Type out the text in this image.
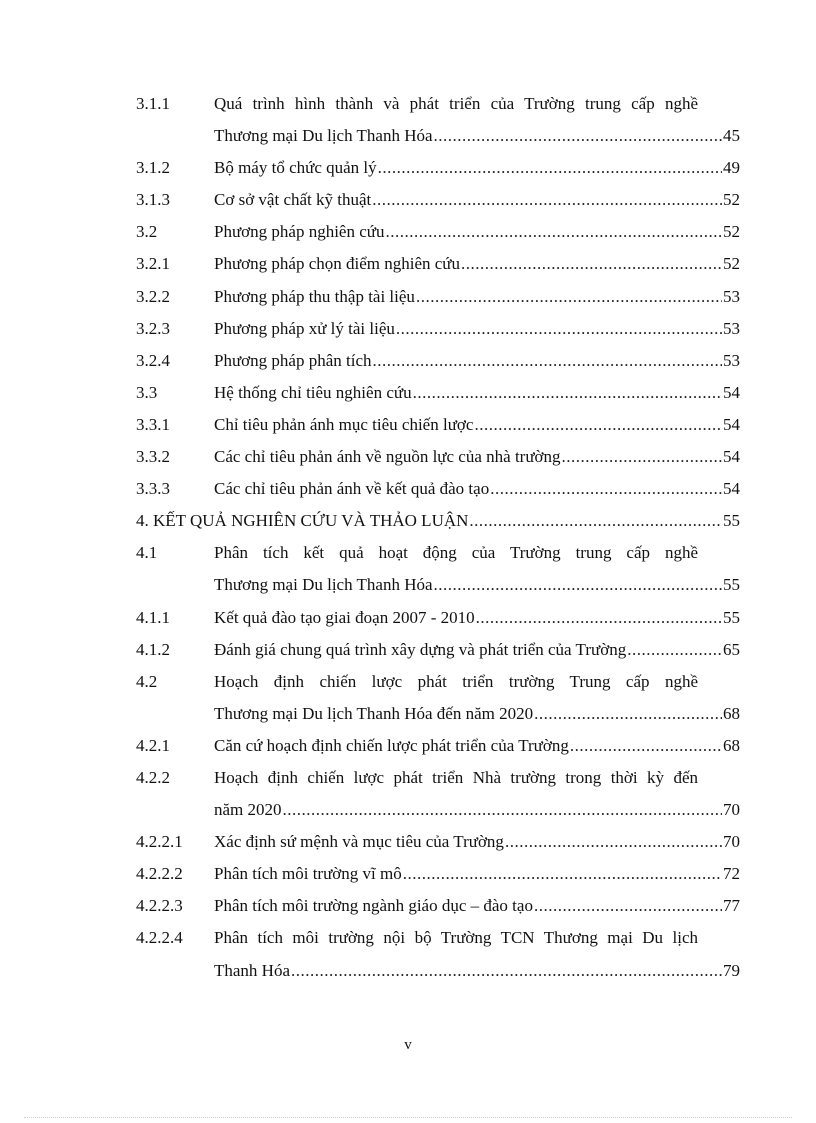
3.1.1	Quá trình hình thành và phát triển của Trường trung cấp nghề
Thương mại Du lịch Thanh Hóa .....	45
3.1.2	Bộ máy tổ chức quản lý .....	49
3.1.3	Cơ sở vật chất kỹ thuật .....	52
3.2	Phương pháp nghiên cứu .....	52
3.2.1	Phương pháp chọn điểm nghiên cứu .....	52
3.2.2	Phương pháp thu thập tài liệu .....	53
3.2.3	Phương pháp xử lý tài liệu .....	53
3.2.4	Phương pháp phân tích .....	53
3.3	Hệ thống chỉ tiêu nghiên cứu .....	54
3.3.1	Chỉ tiêu phản ánh mục tiêu chiến lược .....	54
3.3.2	Các chỉ tiêu phản ánh về nguồn lực của nhà trường .....	54
3.3.3	Các chỉ tiêu phản ánh về kết quả đào tạo .....	54
4. KẾT QUẢ NGHIÊN CỨU VÀ THẢO LUẬN .....	55
4.1	Phân tích kết quả hoạt động của Trường trung cấp nghề
Thương mại Du lịch Thanh Hóa .....	55
4.1.1	Kết quả đào tạo giai đoạn 2007 - 2010 .....	55
4.1.2	Đánh giá chung quá trình xây dựng và phát triển của Trường .....	65
4.2	Hoạch định chiến lược phát triển trường Trung cấp nghề
Thương mại Du lịch Thanh Hóa đến năm 2020 .....	68
4.2.1	Căn cứ hoạch định chiến lược phát triển của Trường .....	68
4.2.2	Hoạch định chiến lược phát triển Nhà trường trong thời kỳ đến
năm 2020 .....	70
4.2.2.1	Xác định sứ mệnh và mục tiêu của Trường .....	70
4.2.2.2	Phân tích môi trường vĩ mô .....	72
4.2.2.3	Phân tích môi trường ngành giáo dục – đào tạo .....	77
4.2.2.4	Phân tích môi trường nội bộ Trường TCN Thương mại Du lịch
Thanh Hóa .....	79
v
